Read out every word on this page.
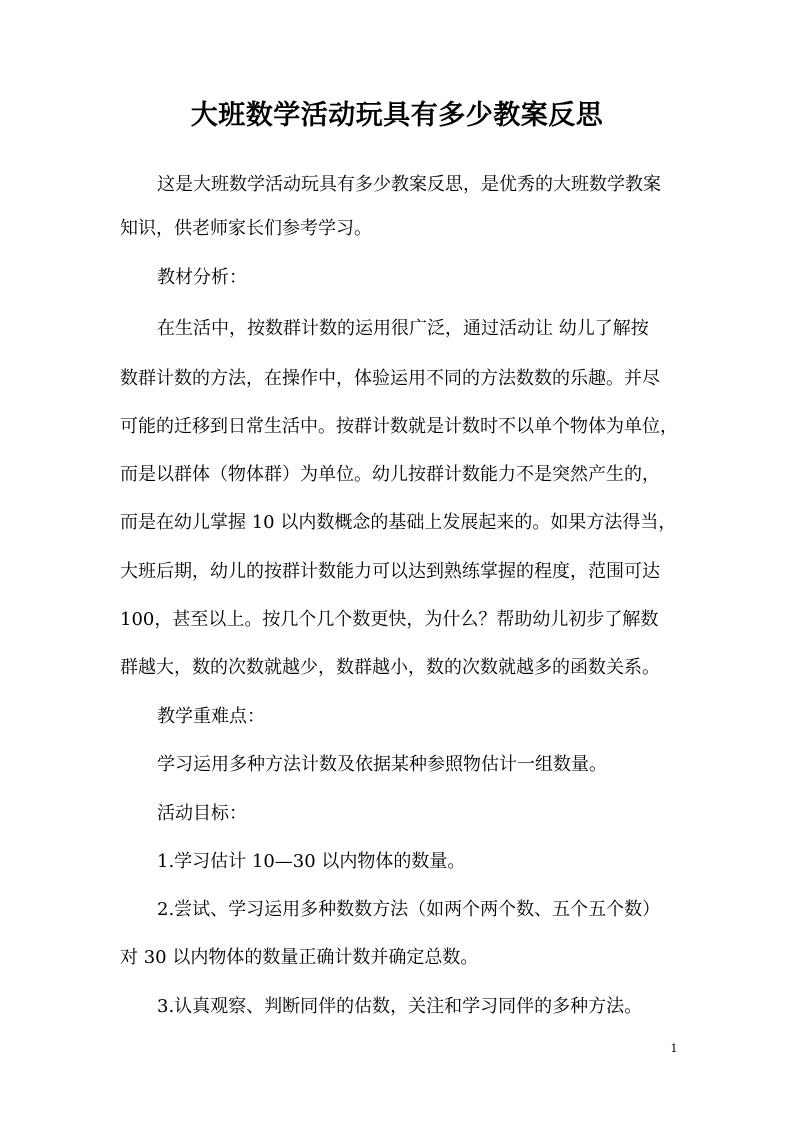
大班数学活动玩具有多少教案反思

这是大班数学活动玩具有多少教案反思，是优秀的大班数学教案

知识，供老师家长们参考学习。

教材分析：

在生活中，按数群计数的运用很广泛，通过活动让 幼儿了解按

数群计数的方法，在操作中，体验运用不同的方法数数的乐趣。并尽

可能的迁移到日常生活中。按群计数就是计数时不以单个物体为单位，

而是以群体（物体群）为单位。幼儿按群计数能力不是突然产生的，

而是在幼儿掌握 10 以内数概念的基础上发展起来的。如果方法得当，

大班后期，幼儿的按群计数能力可以达到熟练掌握的程度，范围可达

100，甚至以上。按几个几个数更快，为什么？帮助幼儿初步了解数

群越大，数的次数就越少，数群越小，数的次数就越多的函数关系。

教学重难点：

学习运用多种方法计数及依据某种参照物估计一组数量。

活动目标：

1.学习估计 10—30 以内物体的数量。

2.尝试、学习运用多种数数方法（如两个两个数、五个五个数）

对 30 以内物体的数量正确计数并确定总数。

3.认真观察、判断同伴的估数，关注和学习同伴的多种方法。

1
